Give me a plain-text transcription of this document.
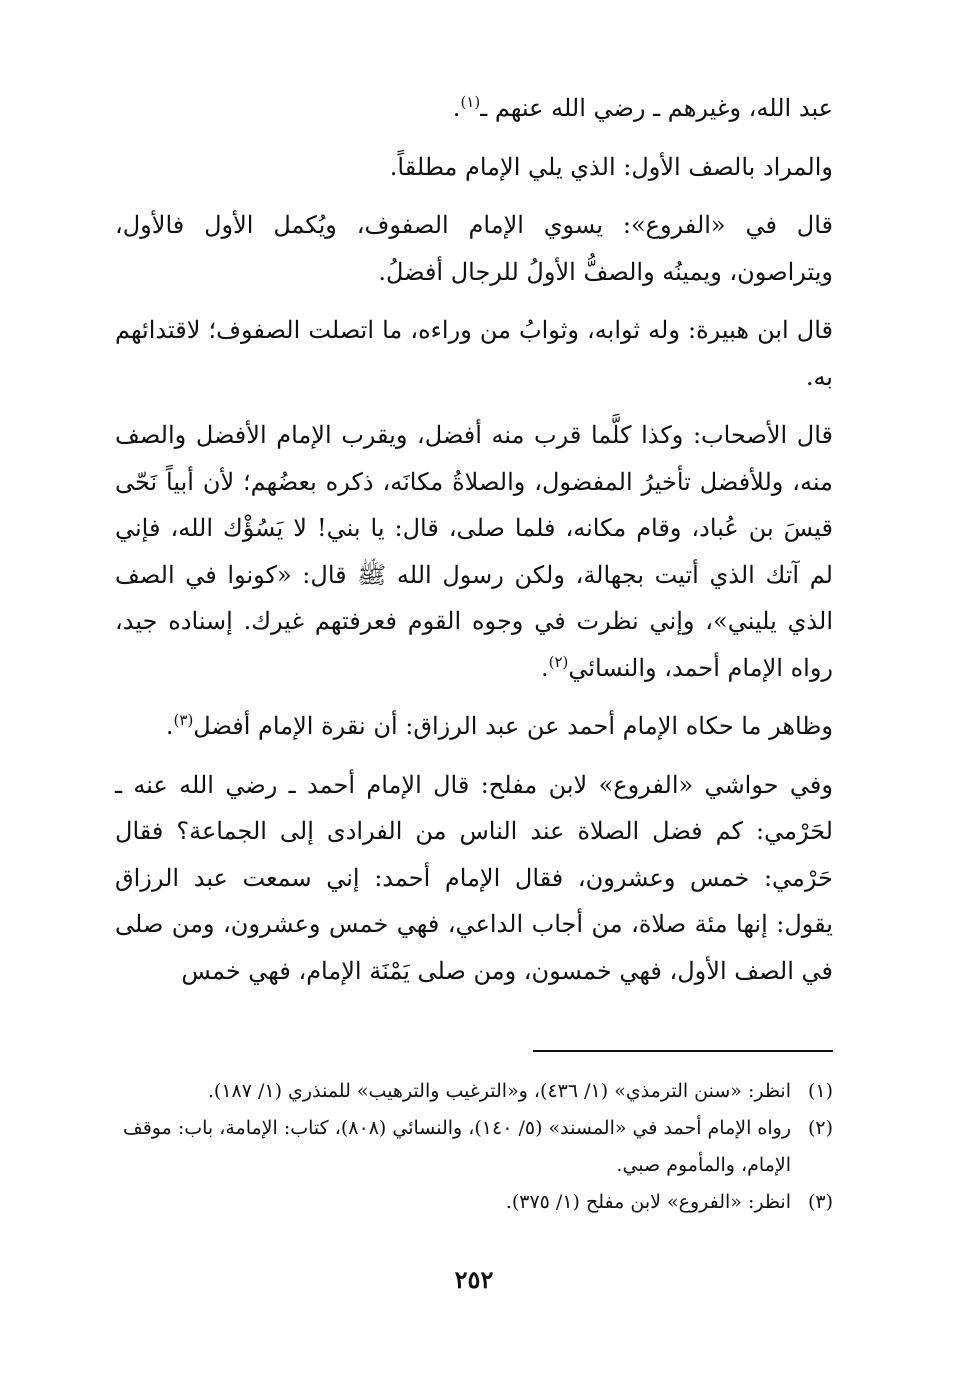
عبد الله، وغيرهم ـ رضي الله عنهم ـ$^{(١)}$.

والمراد بالصف الأول: الذي يلي الإمام مطلقاً.

قال في «الفروع»: يسوي الإمام الصفوف، ويُكمل الأول فالأول، ويتراصون، ويمينُه والصفُّ الأولُ للرجال أفضلُ.

قال ابن هبيرة: وله ثوابه، وثوابُ من وراءه، ما اتصلت الصفوف؛ لاقتدائهم به.

قال الأصحاب: وكذا كلَّما قرب منه أفضل، ويقرب الإمام الأفضل والصف منه، وللأفضل تأخيرُ المفضول، والصلاةُ مكانَه، ذكره بعضُهم؛ لأن أبياً نَحّى قيسَ بن عُباد، وقام مكانه، فلما صلى، قال: يا بني! لا يَسُؤْك الله، فإني لم آتك الذي أتيت بجهالة، ولكن رسول الله ﷺ قال: «كونوا في الصف الذي يليني»، وإني نظرت في وجوه القوم فعرفتهم غيرك. إسناده جيد، رواه الإمام أحمد، والنسائي$^{(٢)}$.

وظاهر ما حكاه الإمام أحمد عن عبد الرزاق: أن نقرة الإمام أفضل$^{(٣)}$.

وفي حواشي «الفروع» لابن مفلح: قال الإمام أحمد ـ رضي الله عنه ـ لحَرْمي: كم فضل الصلاة عند الناس من الفرادى إلى الجماعة؟ فقال حَرْمي: خمس وعشرون، فقال الإمام أحمد: إني سمعت عبد الرزاق يقول: إنها مئة صلاة، من أجاب الداعي، فهي خمس وعشرون، ومن صلى في الصف الأول، فهي خمسون، ومن صلى يَمْنَة الإمام، فهي خمس

(١)
انظر: «سنن الترمذي» (١/ ٤٣٦)، و«الترغيب والترهيب» للمنذري (١/ ١٨٧).

(٢)
رواه الإمام أحمد في «المسند» (٥/ ١٤٠)، والنسائي (٨٠٨)، كتاب: الإمامة، باب: موقف الإمام، والمأموم صبي.

(٣)
انظر: «الفروع» لابن مفلح (١/ ٣٧٥).

٢٥٢
